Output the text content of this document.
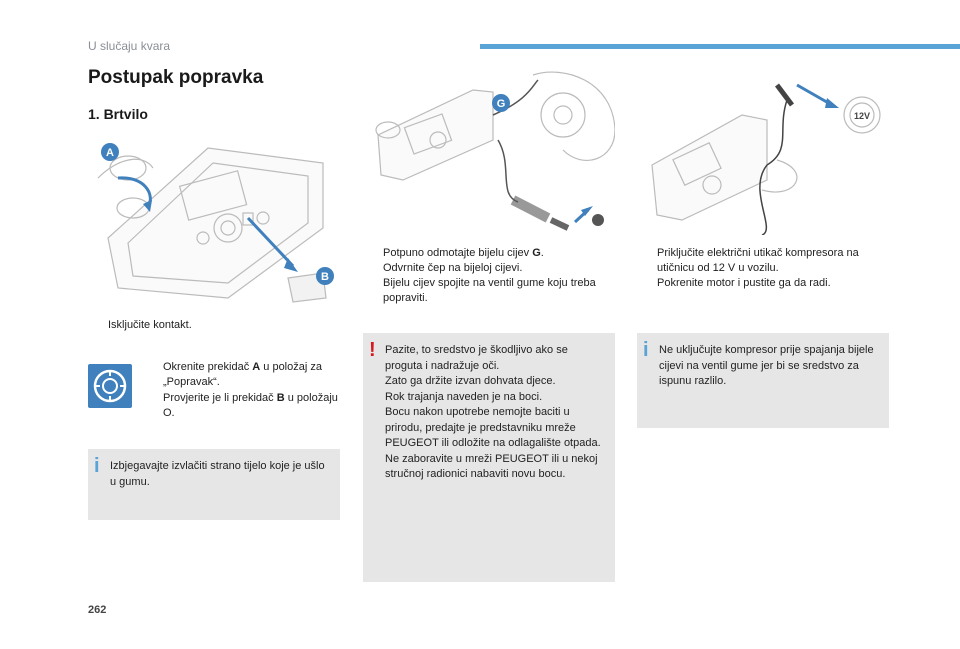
U slučaju kvara
Postupak popravka
1. Brtvilo
A
B
G
12V
Isključite kontakt.
Okrenite prekidač A u položaj za „Popravak“.
Provjerite je li prekidač B u položaju O.
i Izbjegavajte izvlačiti strano tijelo koje je ušlo u gumu.
Potpuno odmotajte bijelu cijev G.
Odvrnite čep na bijeloj cijevi.
Bijelu cijev spojite na ventil gume koju treba popraviti.
! Pazite, to sredstvo je škodljivo ako se proguta i nadražuje oči.
Zato ga držite izvan dohvata djece.
Rok trajanja naveden je na boci.
Bocu nakon upotrebe nemojte baciti u prirodu, predajte je predstavniku mreže PEUGEOT ili odložite na odlagalište otpada.
Ne zaboravite u mreži PEUGEOT ili u nekoj stručnoj radionici nabaviti novu bocu.
Priključite električni utikač kompresora na utičnicu od 12 V u vozilu.
Pokrenite motor i pustite ga da radi.
i Ne uključujte kompresor prije spajanja bijele cijevi na ventil gume jer bi se sredstvo za ispunu razlilo.
262
